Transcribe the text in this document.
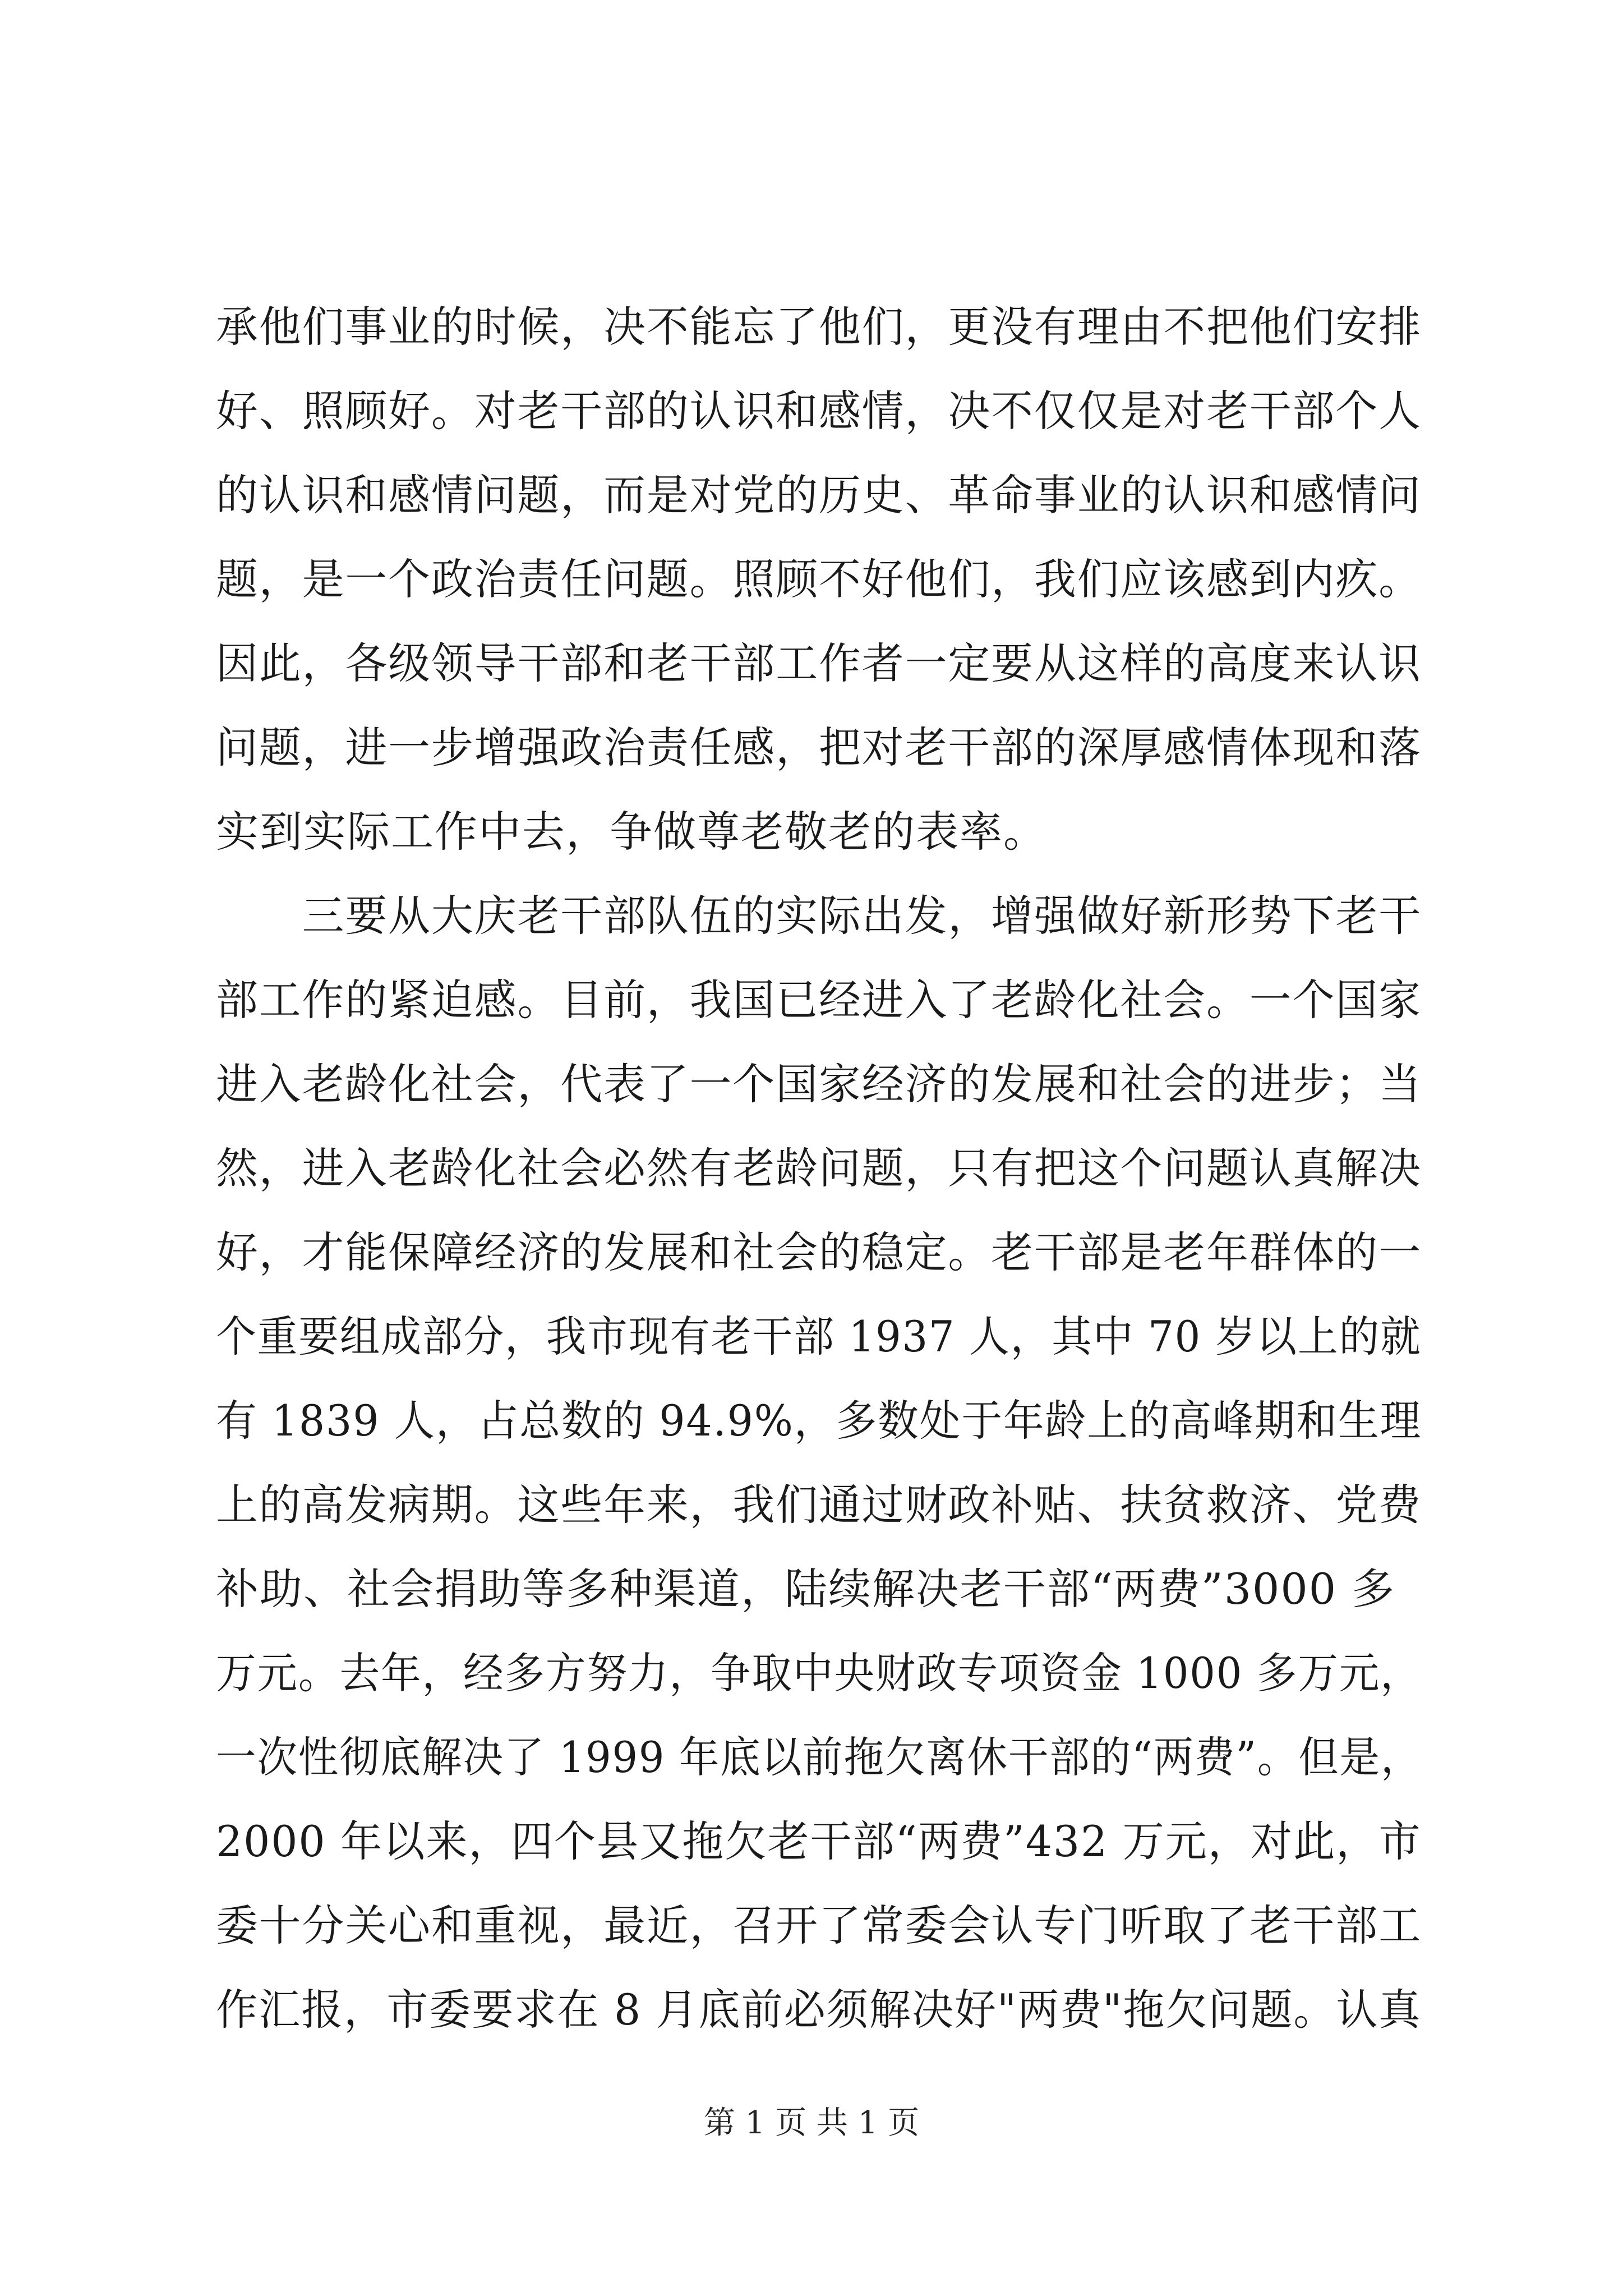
承他们事业的时候，决不能忘了他们，更没有理由不把他们安排
好、照顾好。对老干部的认识和感情，决不仅仅是对老干部个人
的认识和感情问题，而是对党的历史、革命事业的认识和感情问
题，是一个政治责任问题。照顾不好他们，我们应该感到内疚。
因此，各级领导干部和老干部工作者一定要从这样的高度来认识
问题，进一步增强政治责任感，把对老干部的深厚感情体现和落
实到实际工作中去，争做尊老敬老的表率。
　　三要从大庆老干部队伍的实际出发，增强做好新形势下老干
部工作的紧迫感。目前，我国已经进入了老龄化社会。一个国家
进入老龄化社会，代表了一个国家经济的发展和社会的进步；当
然，进入老龄化社会必然有老龄问题，只有把这个问题认真解决
好，才能保障经济的发展和社会的稳定。老干部是老年群体的一
个重要组成部分，我市现有老干部 1937 人，其中 70 岁以上的就
有 1839 人，占总数的 94.9%，多数处于年龄上的高峰期和生理
上的高发病期。这些年来，我们通过财政补贴、扶贫救济、党费
补助、社会捐助等多种渠道，陆续解决老干部“两费”3000 多
万元。去年，经多方努力，争取中央财政专项资金 1000 多万元，
一次性彻底解决了 1999 年底以前拖欠离休干部的“两费”。但是，
2000 年以来，四个县又拖欠老干部“两费”432 万元，对此，市
委十分关心和重视，最近，召开了常委会认专门听取了老干部工
作汇报，市委要求在 8 月底前必须解决好"两费"拖欠问题。认真
第 1 页 共 1 页
